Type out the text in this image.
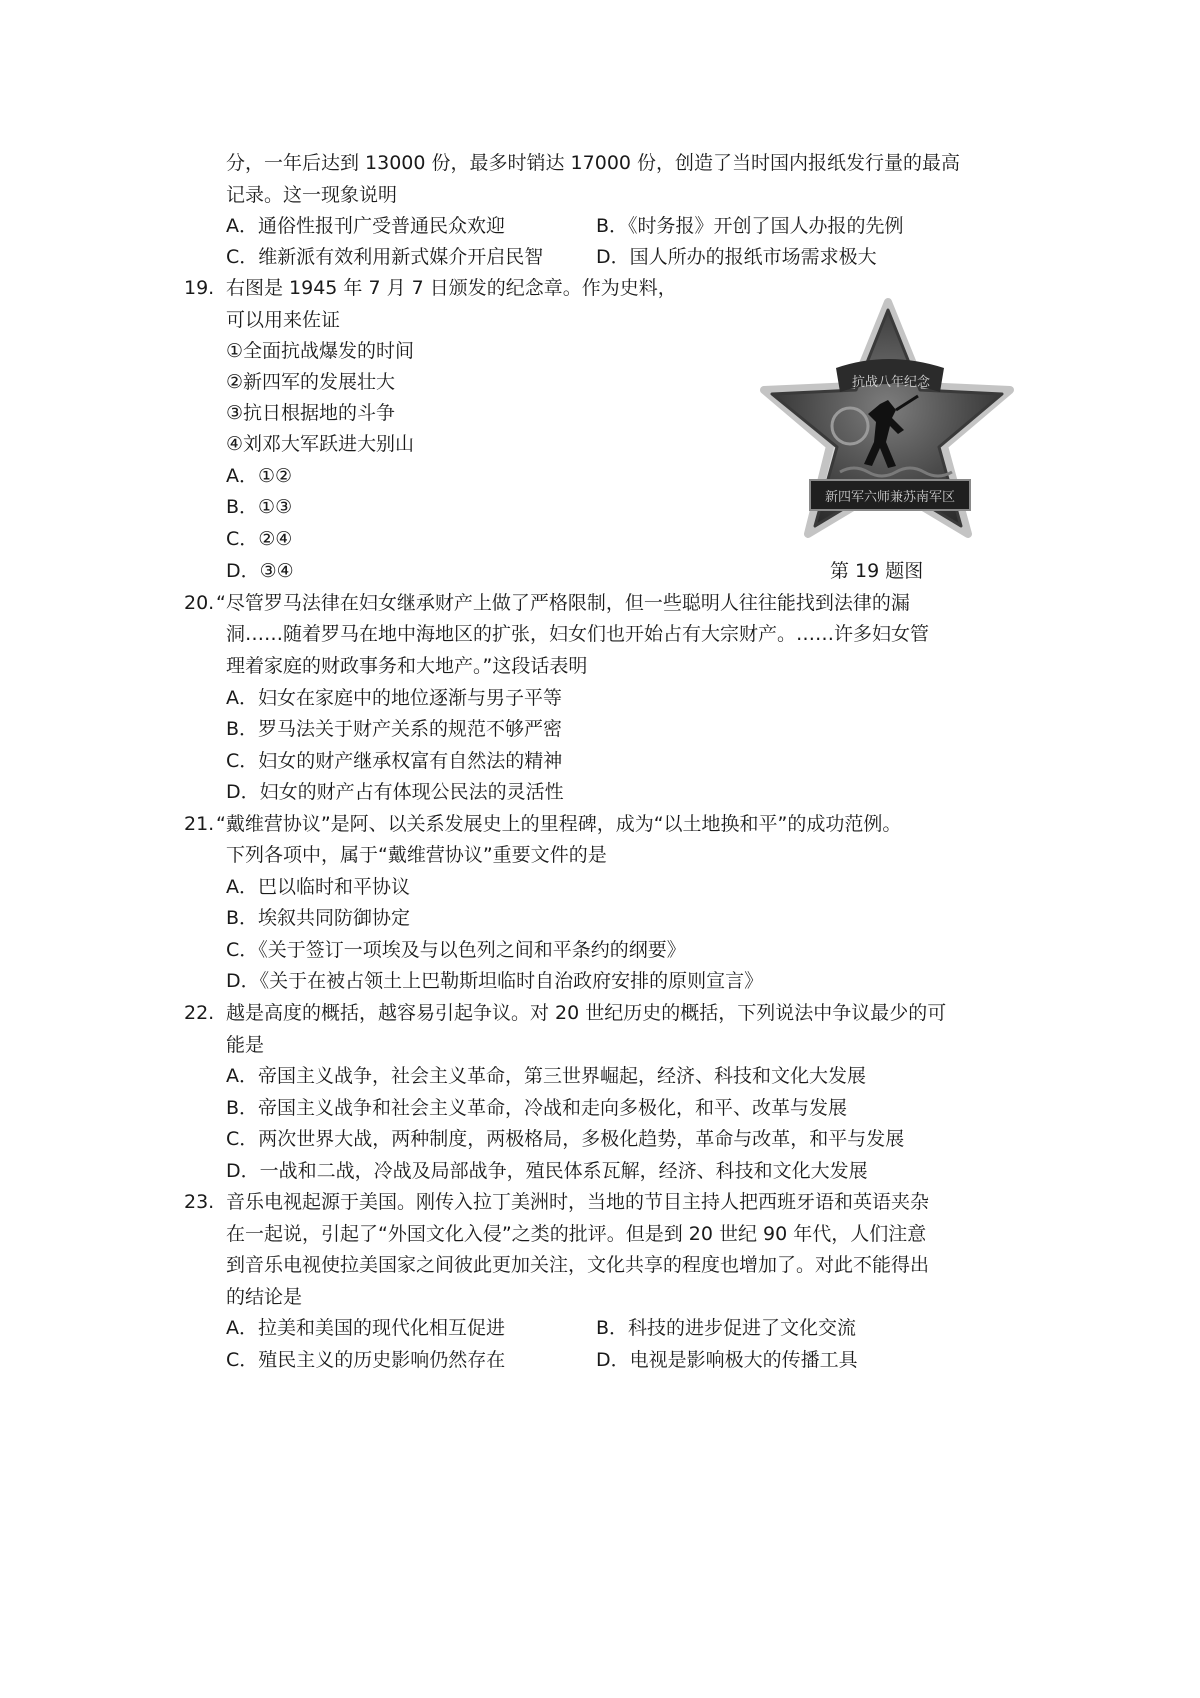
分，一年后达到 13000 份，最多时销达 17000 份，创造了当时国内报纸发行量的最高
记录。这一现象说明
A．通俗性报刊广受普通民众欢迎	B．《时务报》开创了国人办报的先例
C．维新派有效利用新式媒介开启民智	D．国人所办的报纸市场需求极大
19. 右图是 1945 年 7 月 7 日颁发的纪念章。作为史料，
可以用来佐证
①全面抗战爆发的时间
②新四军的发展壮大
③抗日根据地的斗争
④刘邓大军跃进大别山
A．①②
B．①③
C．②④
D．③④
抗战八年纪念
新四军六师兼苏南军区
第 19 题图
20. “尽管罗马法律在妇女继承财产上做了严格限制，但一些聪明人往往能找到法律的漏
洞……随着罗马在地中海地区的扩张，妇女们也开始占有大宗财产。……许多妇女管
理着家庭的财政事务和大地产。”这段话表明
A．妇女在家庭中的地位逐渐与男子平等
B．罗马法关于财产关系的规范不够严密
C．妇女的财产继承权富有自然法的精神
D．妇女的财产占有体现公民法的灵活性
21. “戴维营协议”是阿、以关系发展史上的里程碑，成为“以土地换和平”的成功范例。
下列各项中，属于“戴维营协议”重要文件的是
A．巴以临时和平协议
B．埃叙共同防御协定
C．《关于签订一项埃及与以色列之间和平条约的纲要》
D．《关于在被占领土上巴勒斯坦临时自治政府安排的原则宣言》
22. 越是高度的概括，越容易引起争议。对 20 世纪历史的概括，下列说法中争议最少的可
能是
A．帝国主义战争，社会主义革命，第三世界崛起，经济、科技和文化大发展
B．帝国主义战争和社会主义革命，冷战和走向多极化，和平、改革与发展
C．两次世界大战，两种制度，两极格局，多极化趋势，革命与改革，和平与发展
D．一战和二战，冷战及局部战争，殖民体系瓦解，经济、科技和文化大发展
23. 音乐电视起源于美国。刚传入拉丁美洲时，当地的节目主持人把西班牙语和英语夹杂
在一起说，引起了“外国文化入侵”之类的批评。但是到 20 世纪 90 年代，人们注意
到音乐电视使拉美国家之间彼此更加关注，文化共享的程度也增加了。对此不能得出
的结论是
A．拉美和美国的现代化相互促进	B．科技的进步促进了文化交流
C．殖民主义的历史影响仍然存在	D．电视是影响极大的传播工具
